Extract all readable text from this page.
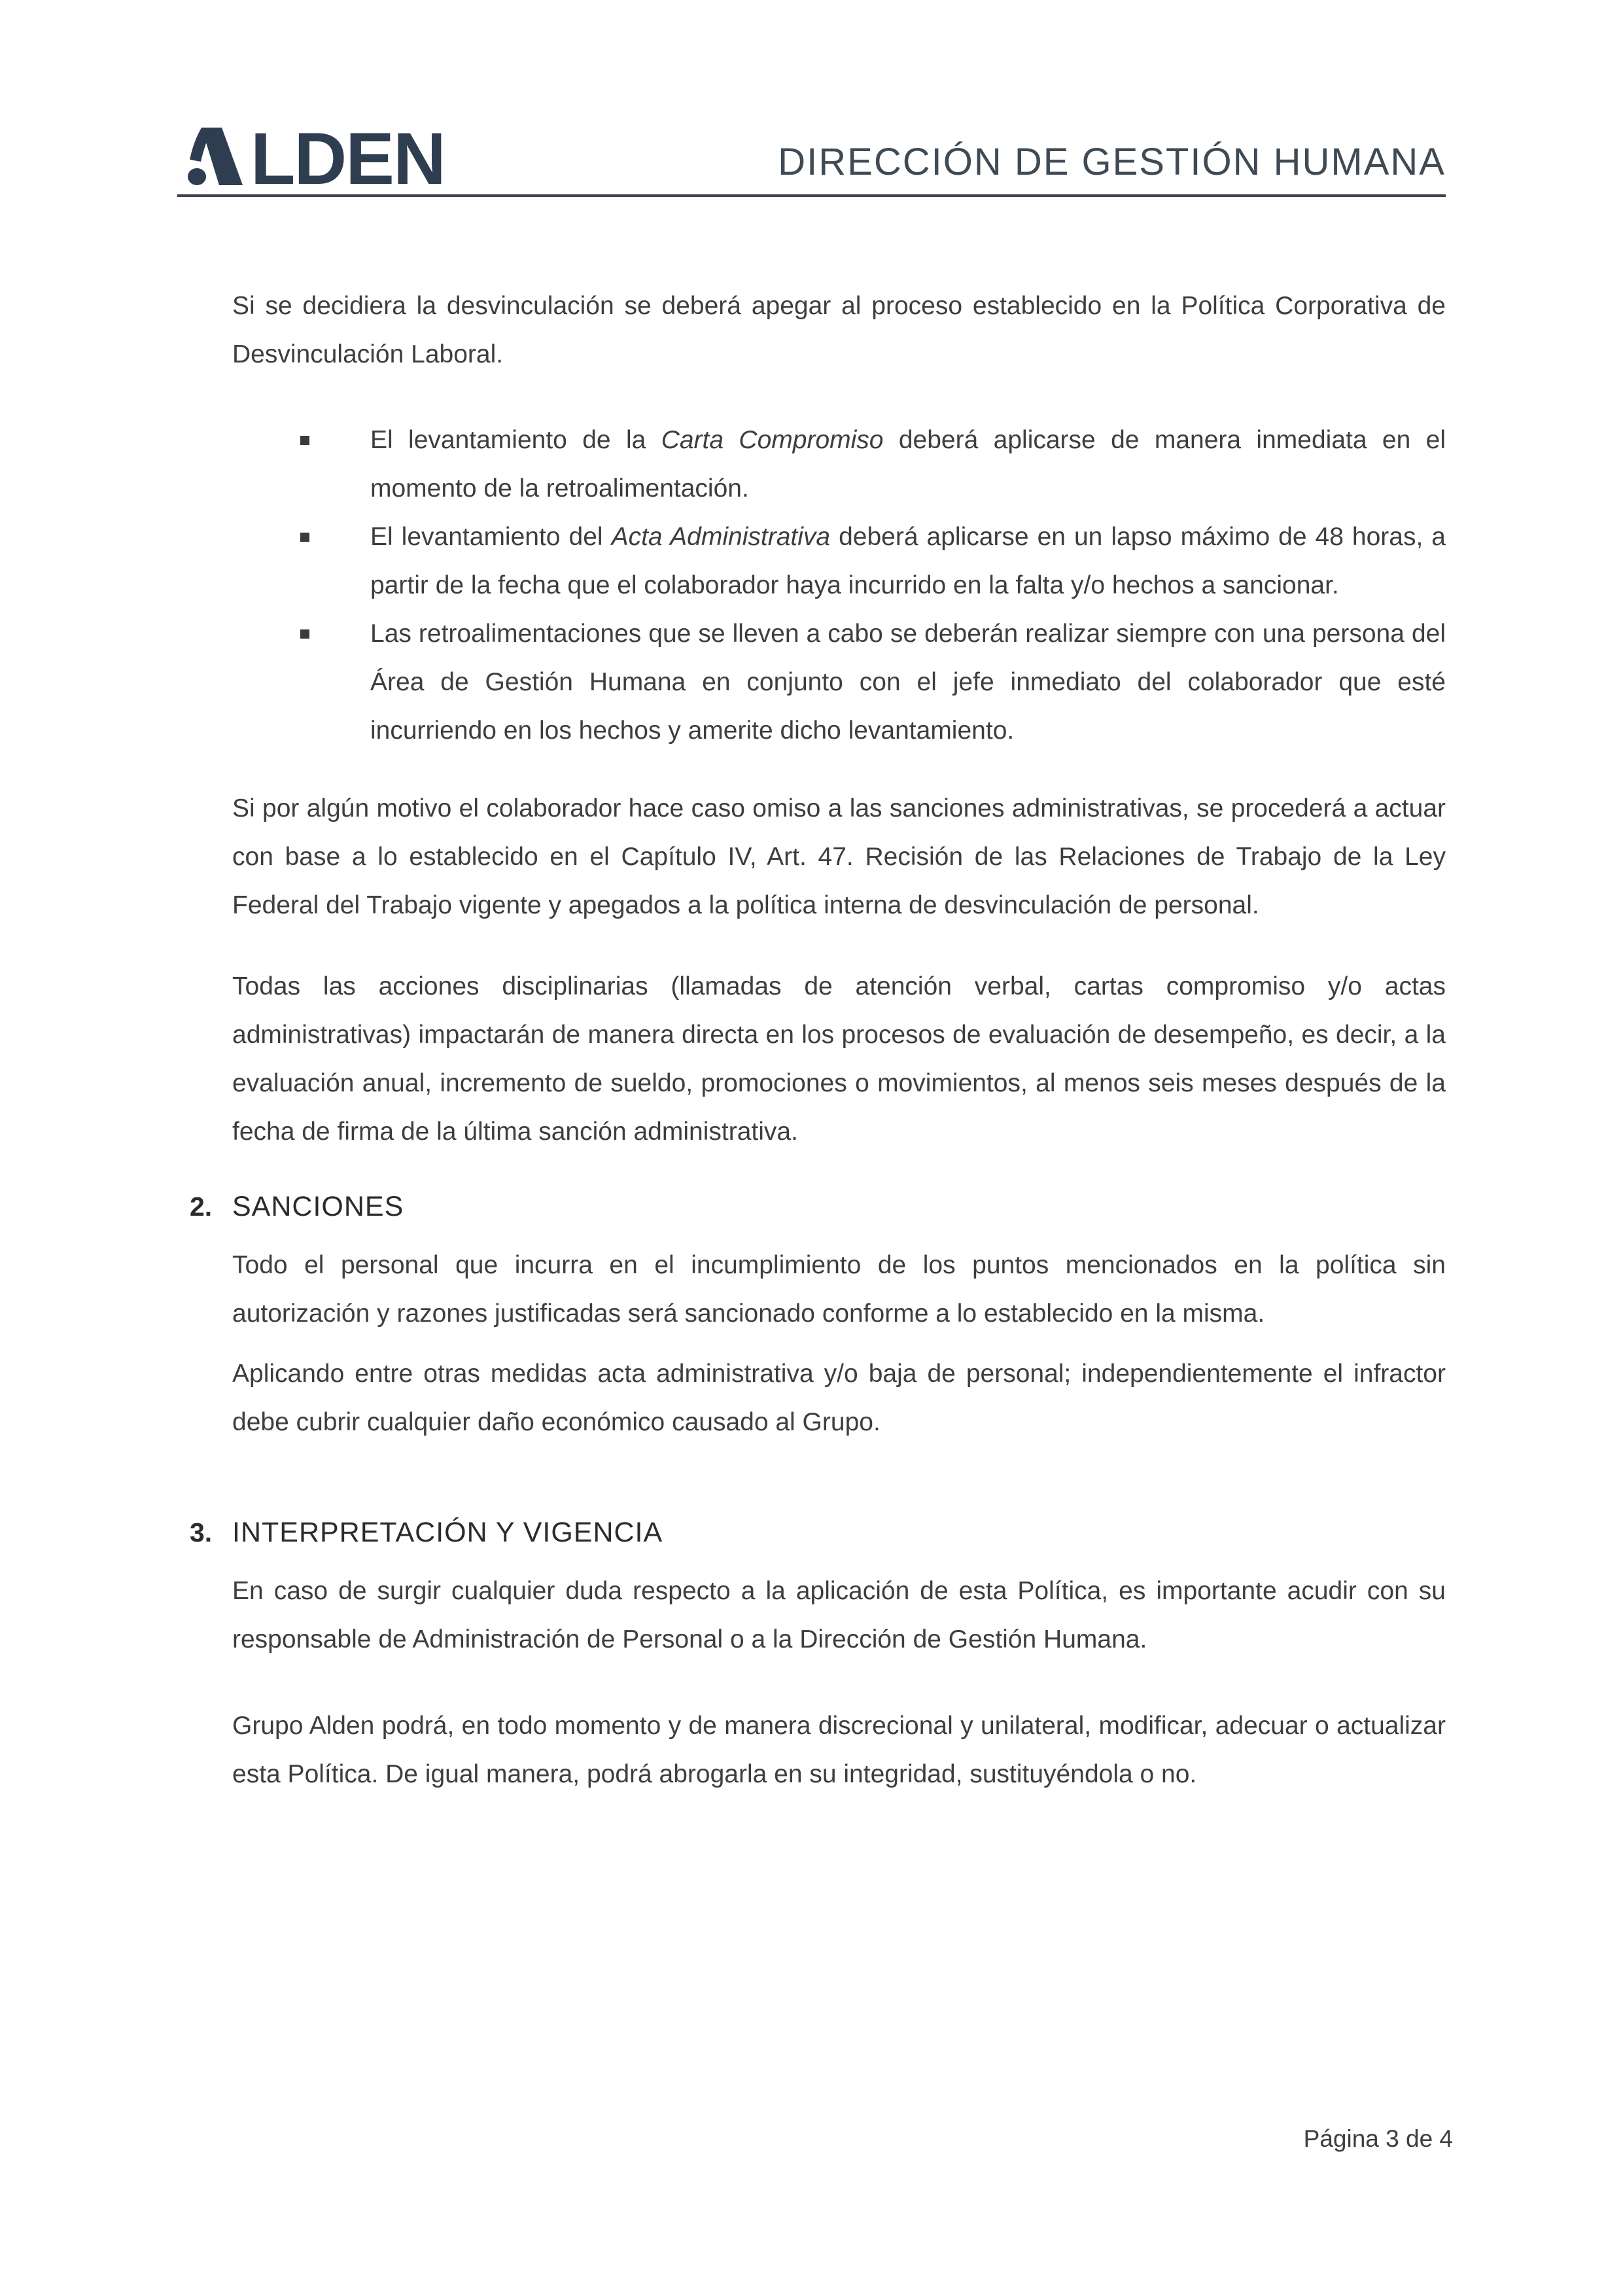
LDEN	DIRECCIÓN DE GESTIÓN HUMANA

Si se decidiera la desvinculación se deberá apegar al proceso establecido en la Política Corporativa de Desvinculación Laboral.

El levantamiento de la Carta Compromiso deberá aplicarse de manera inmediata en el momento de la retroalimentación.
El levantamiento del Acta Administrativa deberá aplicarse en un lapso máximo de 48 horas, a partir de la fecha que el colaborador haya incurrido en la falta y/o hechos a sancionar.
Las retroalimentaciones que se lleven a cabo se deberán realizar siempre con una persona del Área de Gestión Humana en conjunto con el jefe inmediato del colaborador que esté incurriendo en los hechos y amerite dicho levantamiento.

Si por algún motivo el colaborador hace caso omiso a las sanciones administrativas, se procederá a actuar con base a lo establecido en el Capítulo IV, Art. 47. Recisión de las Relaciones de Trabajo de la Ley Federal del Trabajo vigente y apegados a la política interna de desvinculación de personal.

Todas las acciones disciplinarias (llamadas de atención verbal, cartas compromiso y/o actas administrativas) impactarán de manera directa en los procesos de evaluación de desempeño, es decir, a la evaluación anual, incremento de sueldo, promociones o movimientos, al menos seis meses después de la fecha de firma de la última sanción administrativa.

2. SANCIONES

Todo el personal que incurra en el incumplimiento de los puntos mencionados en la política sin autorización y razones justificadas será sancionado conforme a lo establecido en la misma.

Aplicando entre otras medidas acta administrativa y/o baja de personal; independientemente el infractor debe cubrir cualquier daño económico causado al Grupo.

3. INTERPRETACIÓN Y VIGENCIA

En caso de surgir cualquier duda respecto a la aplicación de esta Política, es importante acudir con su responsable de Administración de Personal o a la Dirección de Gestión Humana.

Grupo Alden podrá, en todo momento y de manera discrecional y unilateral, modificar, adecuar o actualizar esta Política. De igual manera, podrá abrogarla en su integridad, sustituyéndola o no.

Página 3 de 4
